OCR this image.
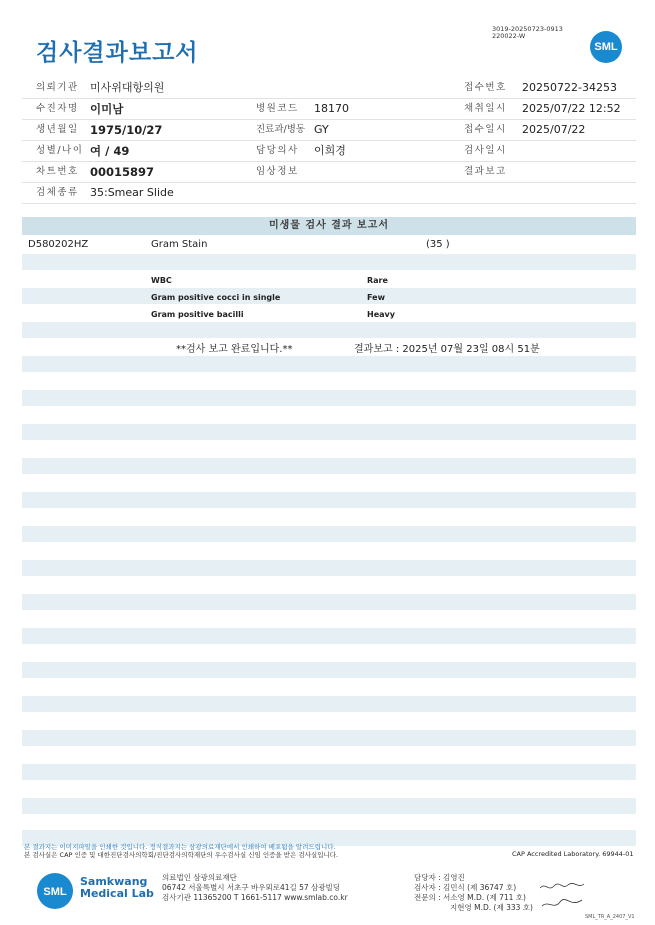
검사결과보고서
3019-20250723-0913
220022-W
SML
의뢰기관 미사위대항의원	접수번호 20250722-34253
수진자명 이미남	병원코드 18170	채취일시 2025/07/22 12:52
생년월일 1975/10/27	진료과/병동 GY	접수일시 2025/07/22
성별/나이 여 / 49	담당의사 이희경	검사일시
차트번호 00015897	임상정보	결과보고
검체종류 35:Smear Slide
미생물 검사 결과 보고서
D580202HZ	Gram Stain	(35 )
WBC	Rare
Gram positive cocci in single	Few
Gram positive bacilli	Heavy
**검사 보고 완료입니다.**	결과보고 : 2025년 07월 23일 08시 51분
본 결과지는 이미지파일을 인쇄한 것입니다. 정식결과지는 삼광의료재단에서 인쇄하여 배포됨을 알려드립니다.
본 검사실은 CAP 인증 및 대한진단검사의학회/진단검사의학재단의 우수검사실 신임 인증을 받은 검사실입니다.	CAP Accredited Laboratory. 69944-01
SML
Samkwang
Medical Lab
의료법인 삼광의료재단
06742 서울특별시 서초구 바우뫼로41길 57 삼광빌딩
검사기관 11365200 T 1661-5117 www.smlab.co.kr
담당자 : 김영진
검사자 : 김민식 (제 36747 호)
전문의 : 서소영 M.D. (제 711 호)
지현영 M.D. (제 333 호)
SML_TR_A_2407_V1
